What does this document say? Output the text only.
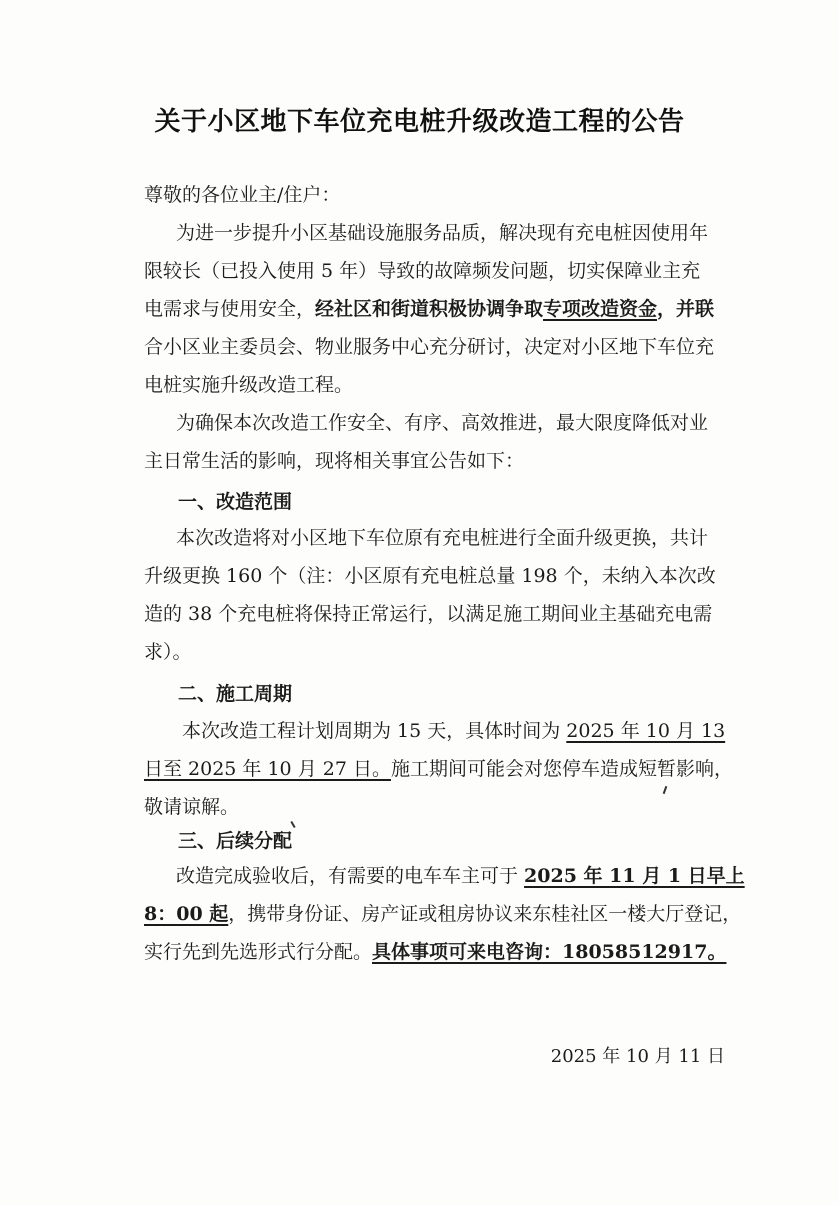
关于小区地下车位充电桩升级改造工程的公告
尊敬的各位业主/住户：
为进一步提升小区基础设施服务品质，解决现有充电桩因使用年
限较长（已投入使用 5 年）导致的故障频发问题，切实保障业主充
电需求与使用安全，经社区和街道积极协调争取专项改造资金，并联
合小区业主委员会、物业服务中心充分研讨，决定对小区地下车位充
电桩实施升级改造工程。
为确保本次改造工作安全、有序、高效推进，最大限度降低对业
主日常生活的影响，现将相关事宜公告如下：
一、改造范围
本次改造将对小区地下车位原有充电桩进行全面升级更换，共计
升级更换 160 个（注：小区原有充电桩总量 198 个，未纳入本次改
造的 38 个充电桩将保持正常运行，以满足施工期间业主基础充电需
求）。
二、施工周期
本次改造工程计划周期为 15 天，具体时间为 2025 年 10 月 13
日至 2025 年 10 月 27 日。施工期间可能会对您停车造成短暂影响，
敬请谅解。
三、后续分配
改造完成验收后，有需要的电车车主可于 2025 年 11 月 1 日早上
8：00 起，携带身份证、房产证或租房协议来东桂社区一楼大厅登记，
实行先到先选形式行分配。具体事项可来电咨询：18058512917。
2025 年 10 月 11 日
